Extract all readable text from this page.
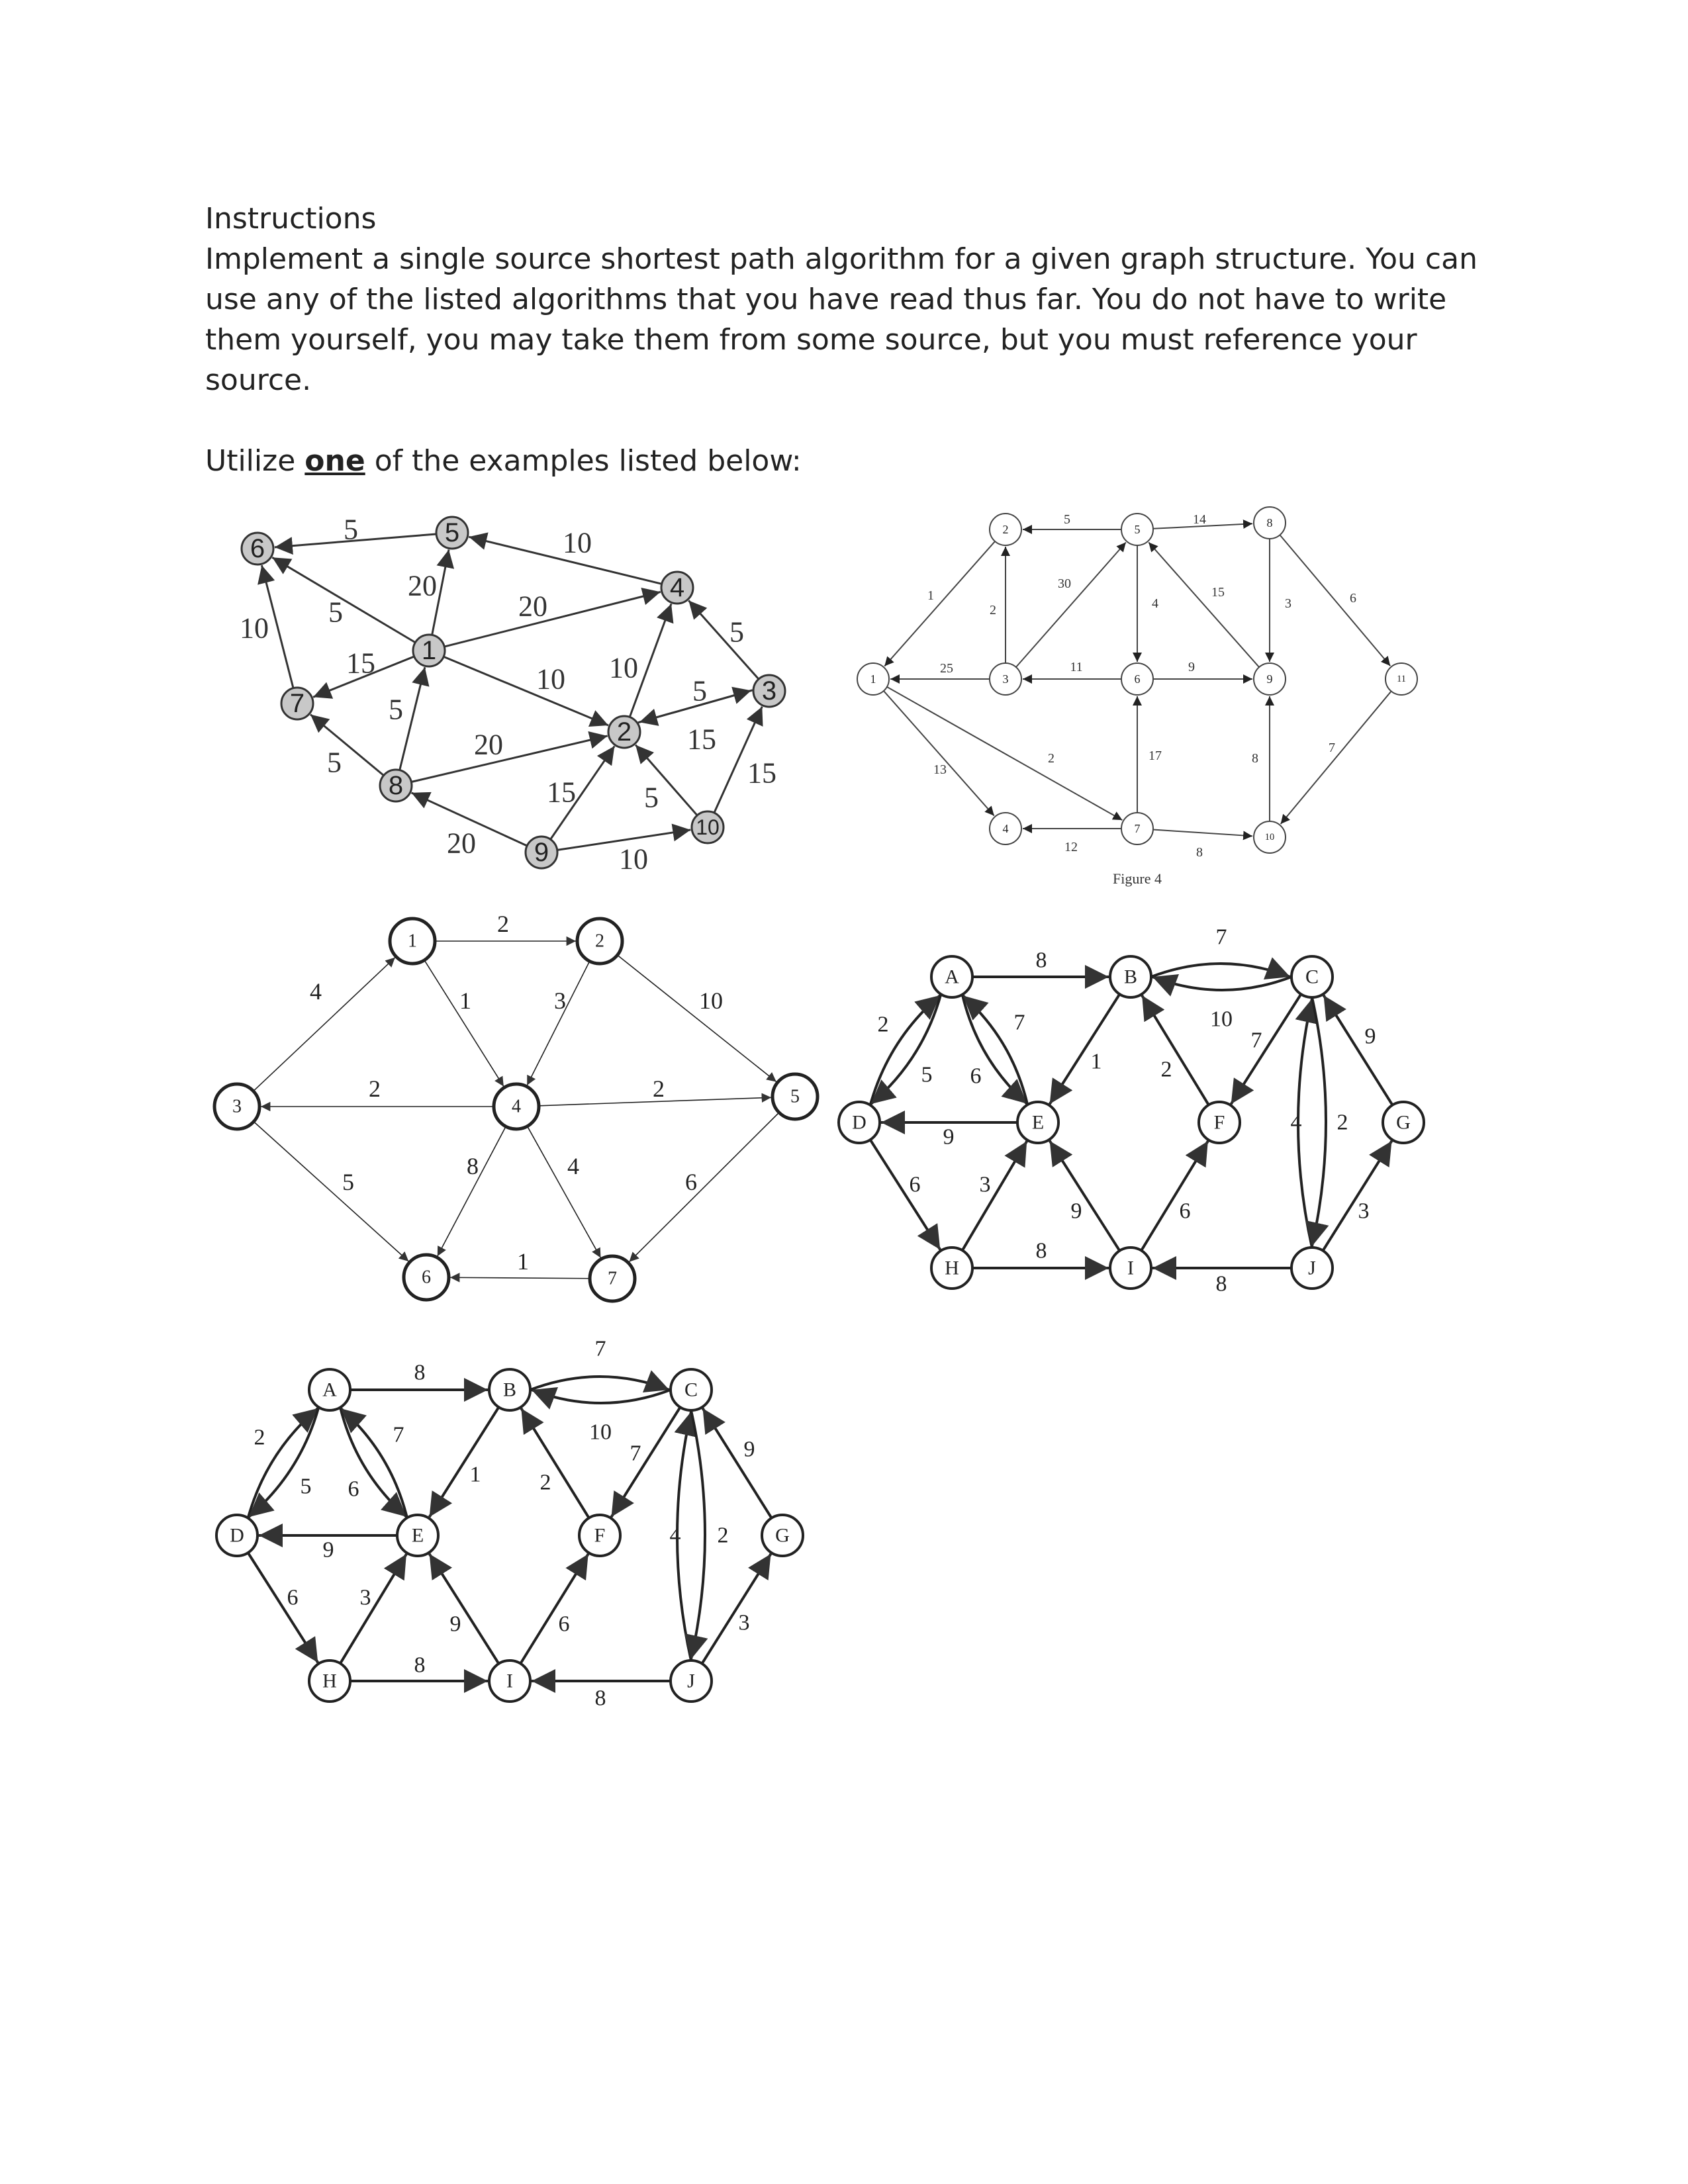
Instructions

Implement a single source shortest path algorithm for a given graph structure. You can use any of the listed algorithms that you have read thus far. You do not have to write them yourself, you may take them from some source, but you must reference your source.

Utilize one of the examples listed below:

5	10
20
5
10
20
15	10
5
5
10
5
5
15
15
5
20
15
20	10
1
2
3
4
5
6
7
8
9
10
1
5
2
25
13
2
30
11
4
14
15
3	6
9
17
12	8
8
7
1
2
3
4
5
6
7
8
9
10
11
Figure 4
4
2
1	3	10
2	2
5
8	4
6
1
1	2
3	4	5
6	7
2
5
8
7
6
9
6	3
8
1	2
7
10
7
9	6
8
4 2
9
3
A	B	C
D	E	F	G
H	I	J
2
5
8
7
6
9
6	3
8
1	2
7
10
7
9	6
8
4 2
9
3
A	B	C
D	E	F	G
H	I	J
